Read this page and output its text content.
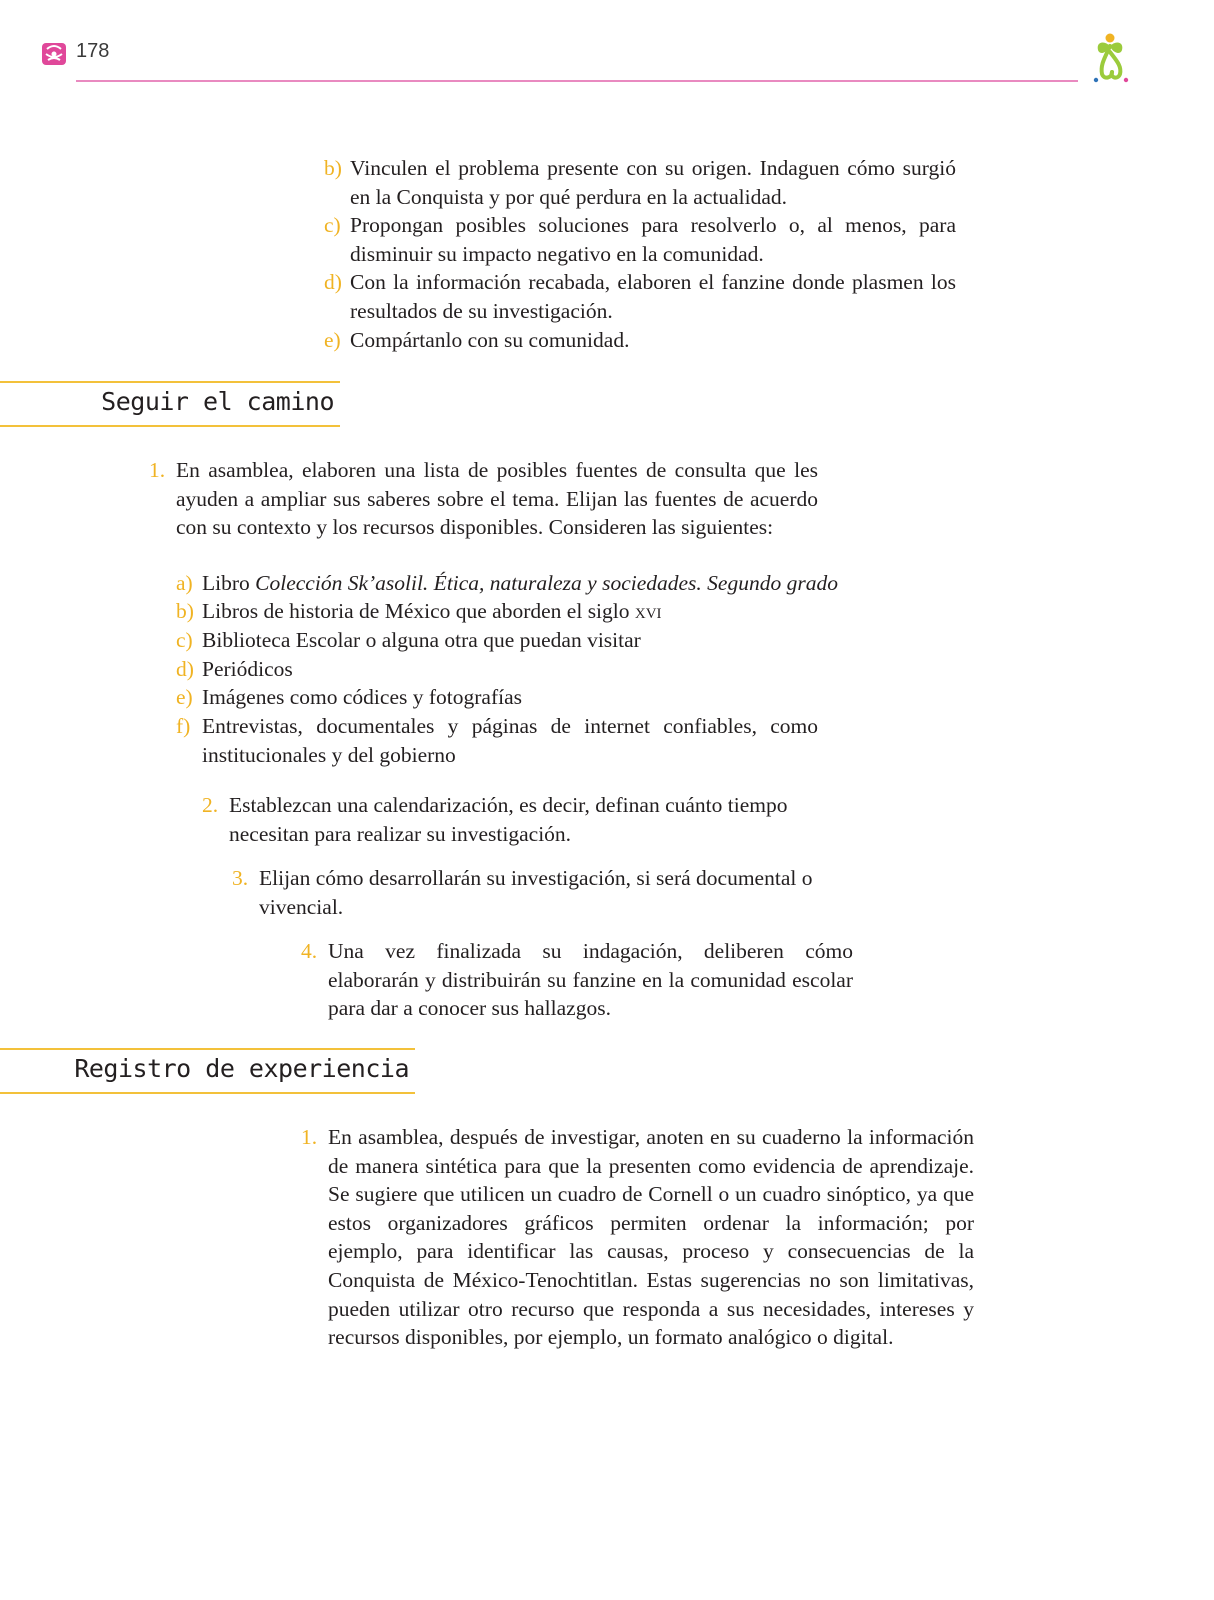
178
b) Vinculen el problema presente con su origen. Indaguen cómo surgió en la Conquista y por qué perdura en la actualidad.
c) Propongan posibles soluciones para resolverlo o, al menos, para disminuir su impacto negativo en la comunidad.
d) Con la información recabada, elaboren el fanzine donde plasmen los resultados de su investigación.
e) Compártanlo con su comunidad.
Seguir el camino
1. En asamblea, elaboren una lista de posibles fuentes de consulta que les ayuden a ampliar sus saberes sobre el tema. Elijan las fuentes de acuerdo con su contexto y los recursos disponibles. Consideren las siguientes:
a) Libro Colección Sk’asolil. Ética, naturaleza y sociedades. Segundo grado
b) Libros de historia de México que aborden el siglo xvi
c) Biblioteca Escolar o alguna otra que puedan visitar
d) Periódicos
e) Imágenes como códices y fotografías
f) Entrevistas, documentales y páginas de internet confiables, como institucionales y del gobierno
2. Establezcan una calendarización, es decir, definan cuánto tiempo necesitan para realizar su investigación.
3. Elijan cómo desarrollarán su investigación, si será documental o vivencial.
4. Una vez finalizada su indagación, deliberen cómo elaborarán y distribuirán su fanzine en la comunidad escolar para dar a conocer sus hallazgos.
Registro de experiencia
1. En asamblea, después de investigar, anoten en su cuaderno la información de manera sintética para que la presenten como evidencia de aprendizaje. Se sugiere que utilicen un cuadro de Cornell o un cuadro sinóptico, ya que estos organizadores gráficos permiten ordenar la información; por ejemplo, para identificar las causas, proceso y consecuencias de la Conquista de México-Tenochtitlan. Estas sugerencias no son limitativas, pueden utilizar otro recurso que responda a sus necesidades, intereses y recursos disponibles, por ejemplo, un formato analógico o digital.
